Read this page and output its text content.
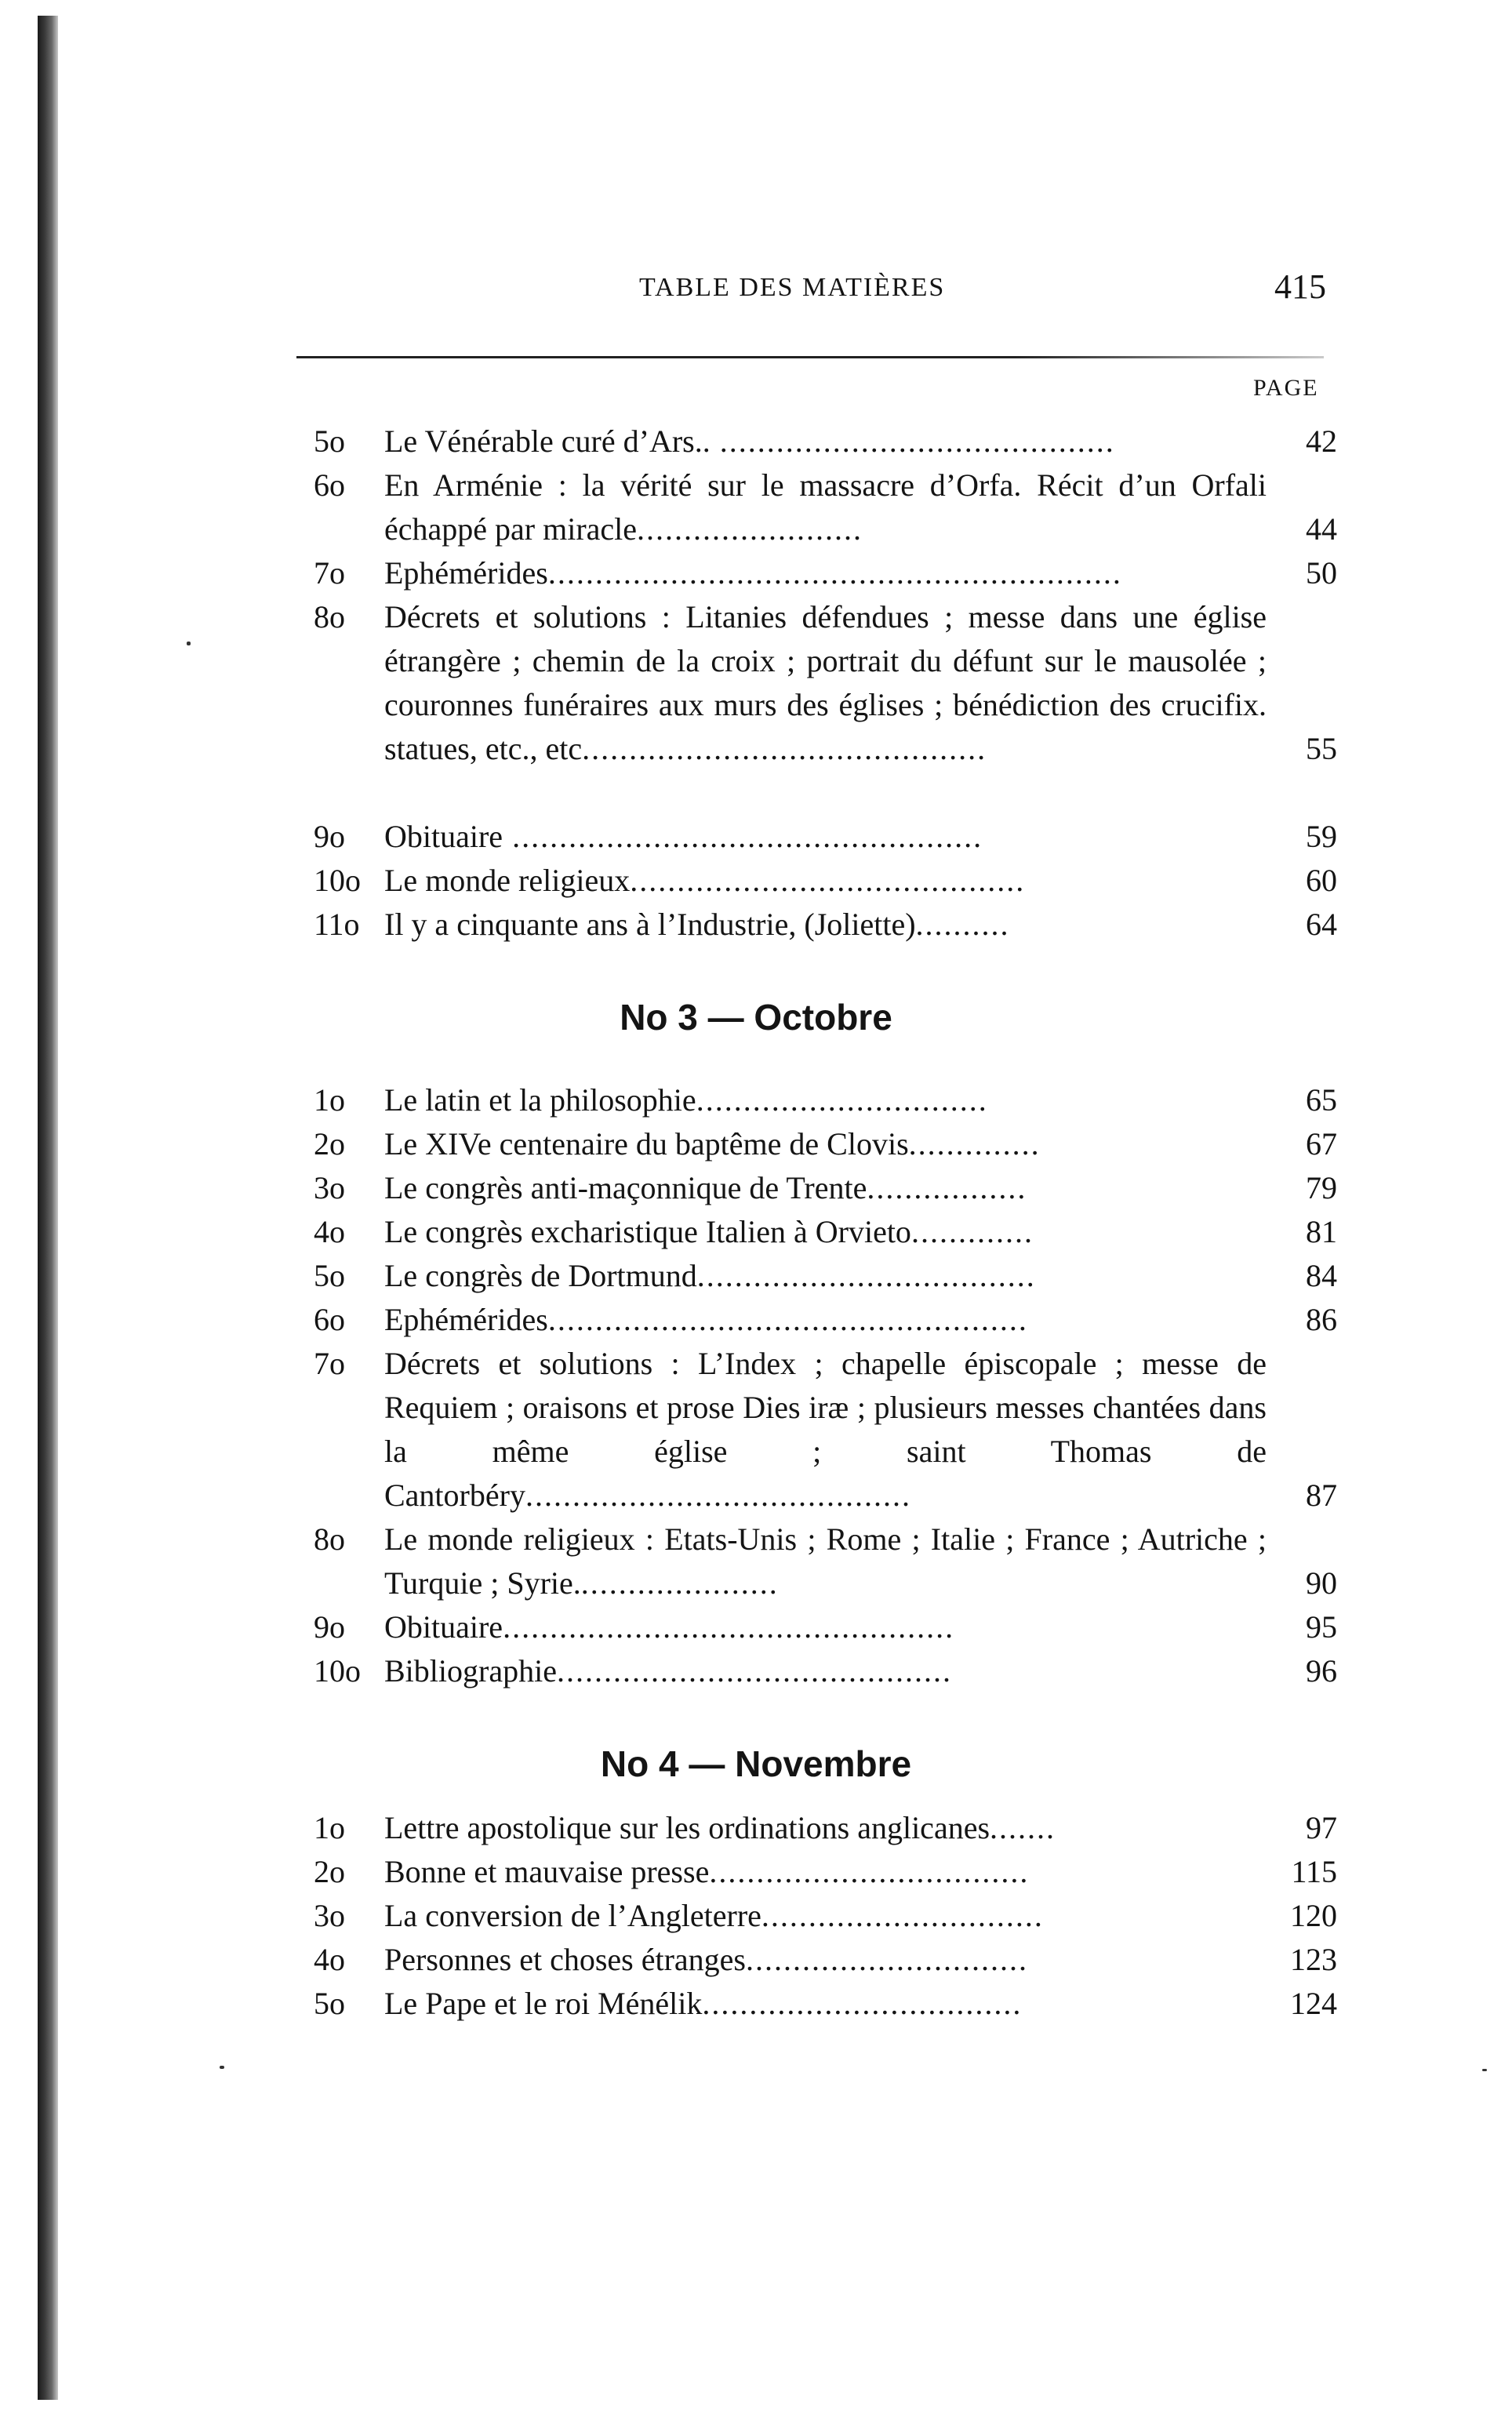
TABLE DES MATIÈRES	415
PAGE
5o Le Vénérable curé d’Ars.. ..........................................	42
6o En Arménie : la vérité sur le massacre d’Orfa. Récit d’un Orfali échappé par miracle........................	44
7o Ephémérides.............................................................	50
8o Décrets et solutions : Litanies défendues ; messe dans une église étrangère ; chemin de la croix ; portrait du défunt sur le mausolée ; couronnes funéraires aux murs des églises ; bénédiction des crucifix. statues, etc., etc...........................................	55
9o Obituaire ..................................................	59
10o Le monde religieux..........................................	60
11o Il y a cinquante ans à l’Industrie, (Joliette)..........	64
No 3 — Octobre
1o Le latin et la philosophie...............................	65
2o Le XIVe centenaire du baptême de Clovis..............	67
3o Le congrès anti-maçonnique de Trente.................	79
4o Le congrès excharistique Italien à Orvieto.............	81
5o Le congrès de Dortmund....................................	84
6o Ephémérides...................................................	86
7o Décrets et solutions : L’Index ; chapelle épiscopale ; messe de Requiem ; oraisons et prose Dies iræ ; plusieurs messes chantées dans la même église ; saint Thomas de Cantorbéry.........................................	87
8o Le monde religieux : Etats-Unis ; Rome ; Italie ; France ; Autriche ; Turquie ; Syrie......................	90
9o Obituaire................................................	95
10o Bibliographie..........................................	96
No 4 — Novembre
1o Lettre apostolique sur les ordinations anglicanes.......	97
2o Bonne et mauvaise presse..................................	115
3o La conversion de l’Angleterre..............................	120
4o Personnes et choses étranges..............................	123
5o Le Pape et le roi Ménélik..................................	124
